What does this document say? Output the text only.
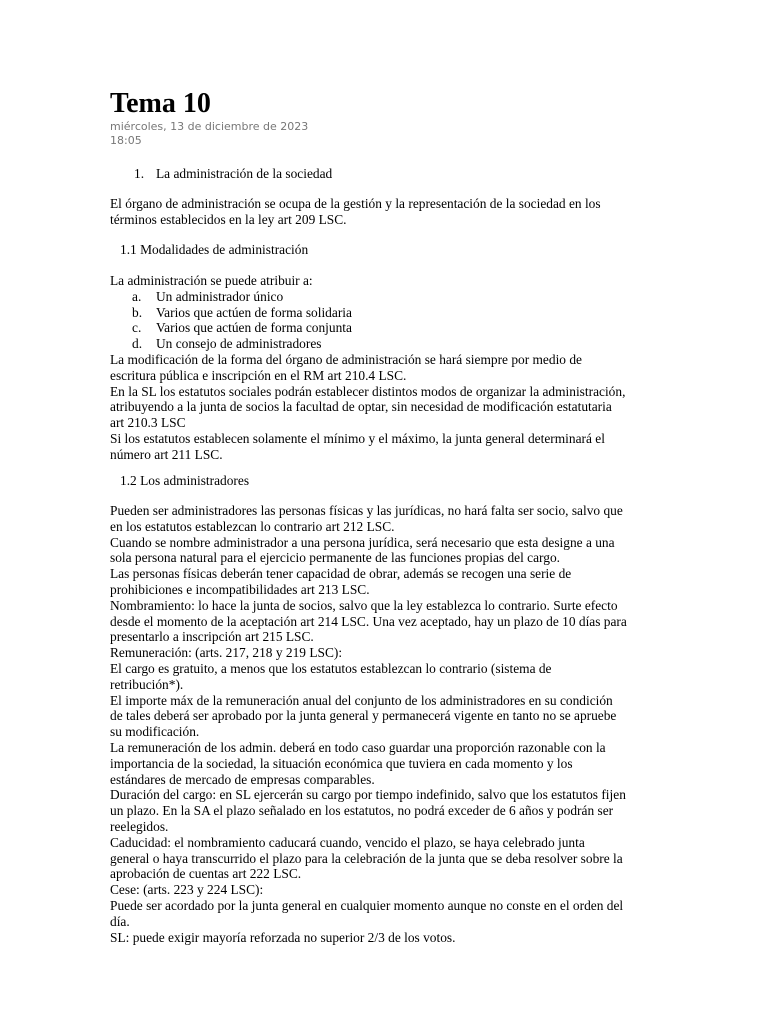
Tema 10
miércoles, 13 de diciembre de 2023
18:05
1. La administración de la sociedad

El órgano de administración se ocupa de la gestión y la representación de la sociedad en los

términos establecidos en la ley art 209 LSC.

1.1 Modalidades de administración

La administración se puede atribuir a:

a. Un administrador único
b. Varios que actúen de forma solidaria
c. Varios que actúen de forma conjunta
d. Un consejo de administradores

La modificación de la forma del órgano de administración se hará siempre por medio de

escritura pública e inscripción en el RM art 210.4 LSC.

En la SL los estatutos sociales podrán establecer distintos modos de organizar la administración,

atribuyendo a la junta de socios la facultad de optar, sin necesidad de modificación estatutaria

art 210.3 LSC

Si los estatutos establecen solamente el mínimo y el máximo, la junta general determinará el

número art 211 LSC.

1.2 Los administradores

Pueden ser administradores las personas físicas y las jurídicas, no hará falta ser socio, salvo que

en los estatutos establezcan lo contrario art 212 LSC.

Cuando se nombre administrador a una persona jurídica, será necesario que esta designe a una

sola persona natural para el ejercicio permanente de las funciones propias del cargo.

Las personas físicas deberán tener capacidad de obrar, además se recogen una serie de

prohibiciones e incompatibilidades art 213 LSC.

Nombramiento: lo hace la junta de socios, salvo que la ley establezca lo contrario. Surte efecto

desde el momento de la aceptación art 214 LSC. Una vez aceptado, hay un plazo de 10 días para

presentarlo a inscripción art 215 LSC.

Remuneración: (arts. 217, 218 y 219 LSC):

El cargo es gratuito, a menos que los estatutos establezcan lo contrario (sistema de

retribución*).

El importe máx de la remuneración anual del conjunto de los administradores en su condición

de tales deberá ser aprobado por la junta general y permanecerá vigente en tanto no se apruebe

su modificación.

La remuneración de los admin. deberá en todo caso guardar una proporción razonable con la

importancia de la sociedad, la situación económica que tuviera en cada momento y los

estándares de mercado de empresas comparables.

Duración del cargo: en SL ejercerán su cargo por tiempo indefinido, salvo que los estatutos fijen

un plazo. En la SA el plazo señalado en los estatutos, no podrá exceder de 6 años y podrán ser

reelegidos.

Caducidad: el nombramiento caducará cuando, vencido el plazo, se haya celebrado junta

general o haya transcurrido el plazo para la celebración de la junta que se deba resolver sobre la

aprobación de cuentas art 222 LSC.

Cese: (arts. 223 y 224 LSC):

Puede ser acordado por la junta general en cualquier momento aunque no conste en el orden del

día.

SL: puede exigir mayoría reforzada no superior 2/3 de los votos.
